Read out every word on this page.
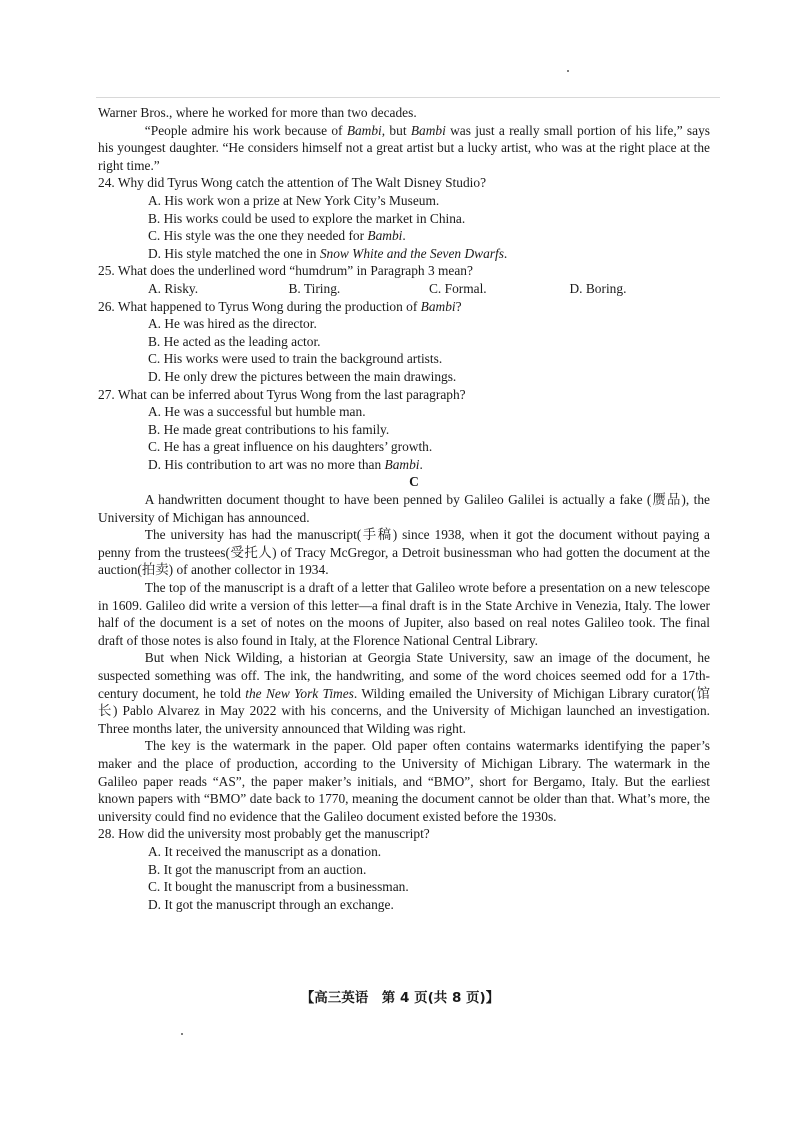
Warner Bros., where he worked for more than two decades.

“People admire his work because of Bambi, but Bambi was just a really small portion of his life,” says his youngest daughter. “He considers himself not a great artist but a lucky artist, who was at the right place at the right time.”

24. Why did Tyrus Wong catch the attention of The Walt Disney Studio?
A. His work won a prize at New York City’s Museum.
B. His works could be used to explore the market in China.
C. His style was the one they needed for Bambi.
D. His style matched the one in Snow White and the Seven Dwarfs.
25. What does the underlined word “humdrum” in Paragraph 3 mean?
A. Risky.	B. Tiring.	C. Formal.	D. Boring.
26. What happened to Tyrus Wong during the production of Bambi?
A. He was hired as the director.
B. He acted as the leading actor.
C. His works were used to train the background artists.
D. He only drew the pictures between the main drawings.
27. What can be inferred about Tyrus Wong from the last paragraph?
A. He was a successful but humble man.
B. He made great contributions to his family.
C. He has a great influence on his daughters’ growth.
D. His contribution to art was no more than Bambi.
C

A handwritten document thought to have been penned by Galileo Galilei is actually a fake (赝品), the University of Michigan has announced.

The university has had the manuscript(手稿) since 1938, when it got the document without paying a penny from the trustees(受托人) of Tracy McGregor, a Detroit businessman who had gotten the document at the auction(拍卖) of another collector in 1934.

The top of the manuscript is a draft of a letter that Galileo wrote before a presentation on a new telescope in 1609. Galileo did write a version of this letter—a final draft is in the State Archive in Venezia, Italy. The lower half of the document is a set of notes on the moons of Jupiter, also based on real notes Galileo took. The final draft of those notes is also found in Italy, at the Florence National Central Library.

But when Nick Wilding, a historian at Georgia State University, saw an image of the document, he suspected something was off. The ink, the handwriting, and some of the word choices seemed odd for a 17th-century document, he told the New York Times. Wilding emailed the University of Michigan Library curator(馆长) Pablo Alvarez in May 2022 with his concerns, and the University of Michigan launched an investigation. Three months later, the university announced that Wilding was right.

The key is the watermark in the paper. Old paper often contains watermarks identifying the paper’s maker and the place of production, according to the University of Michigan Library. The watermark in the Galileo paper reads “AS”, the paper maker’s initials, and “BMO”, short for Bergamo, Italy. But the earliest known papers with “BMO” date back to 1770, meaning the document cannot be older than that. What’s more, the university could find no evidence that the Galileo document existed before the 1930s.

28. How did the university most probably get the manuscript?
A. It received the manuscript as a donation.
B. It got the manuscript from an auction.
C. It bought the manuscript from a businessman.
D. It got the manuscript through an exchange.
【高三英语　第 4 页(共 8 页)】
